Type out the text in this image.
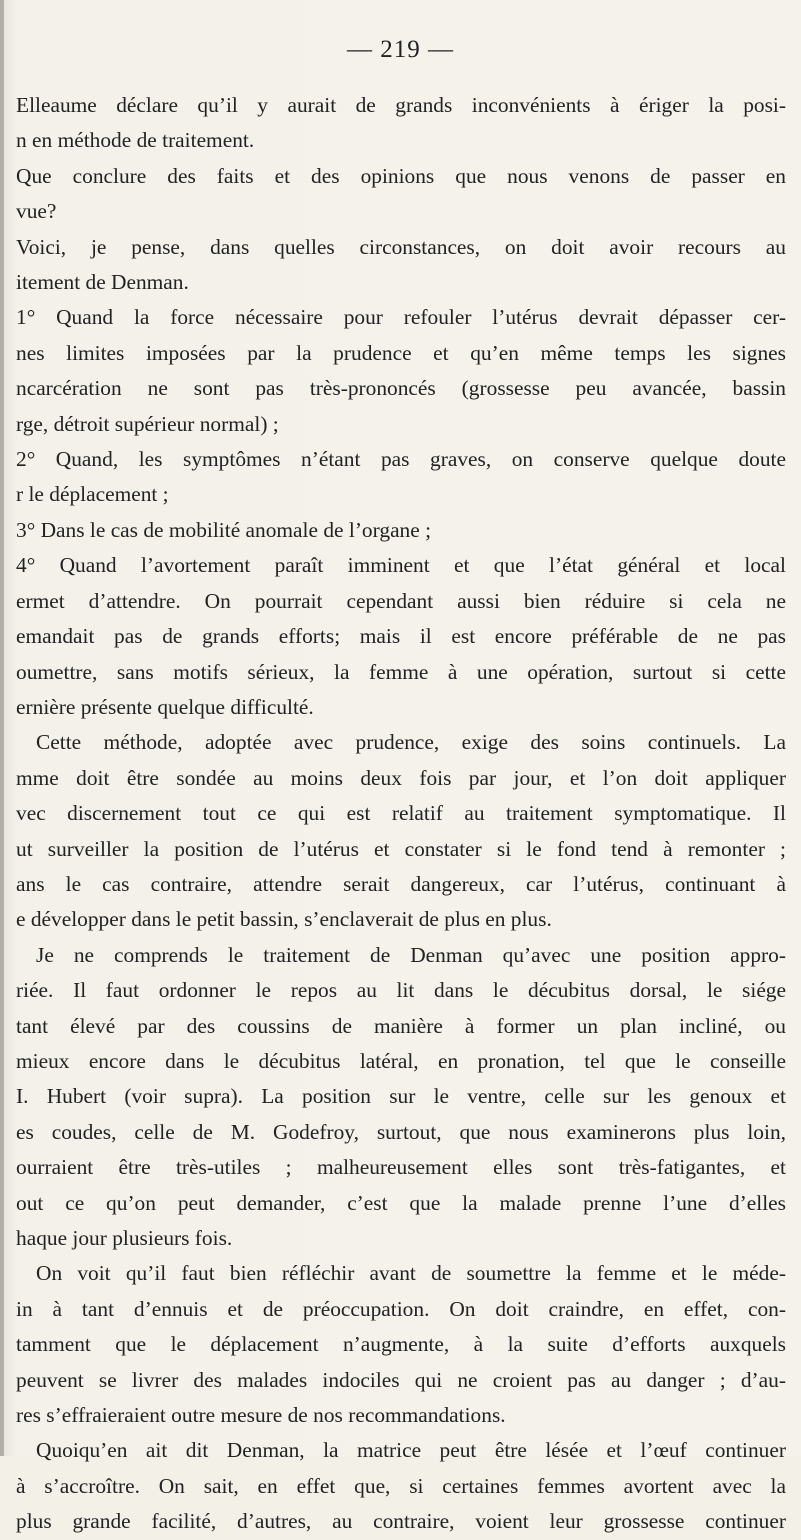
— 219 —
Elleaume déclare qu’il y aurait de grands inconvénients à ériger la posi-
n en méthode de traitement.
Que conclure des faits et des opinions que nous venons de passer en
vue?
Voici, je pense, dans quelles circonstances, on doit avoir recours au
itement de Denman.
1° Quand la force nécessaire pour refouler l’utérus devrait dépasser cer-
nes limites imposées par la prudence et qu’en même temps les signes
ncarcération ne sont pas très-prononcés (grossesse peu avancée, bassin
rge, détroit supérieur normal) ;
2° Quand, les symptômes n’étant pas graves, on conserve quelque doute
r le déplacement ;
3° Dans le cas de mobilité anomale de l’organe ;
4° Quand l’avortement paraît imminent et que l’état général et local
ermet d’attendre. On pourrait cependant aussi bien réduire si cela ne
emandait pas de grands efforts; mais il est encore préférable de ne pas
oumettre, sans motifs sérieux, la femme à une opération, surtout si cette
ernière présente quelque difficulté.
Cette méthode, adoptée avec prudence, exige des soins continuels. La
mme doit être sondée au moins deux fois par jour, et l’on doit appliquer
vec discernement tout ce qui est relatif au traitement symptomatique. Il
ut surveiller la position de l’utérus et constater si le fond tend à remonter ;
ans le cas contraire, attendre serait dangereux, car l’utérus, continuant à
e développer dans le petit bassin, s’enclaverait de plus en plus.
Je ne comprends le traitement de Denman qu’avec une position appro-
riée. Il faut ordonner le repos au lit dans le décubitus dorsal, le siége
tant élevé par des coussins de manière à former un plan incliné, ou
mieux encore dans le décubitus latéral, en pronation, tel que le conseille
I. Hubert (voir supra). La position sur le ventre, celle sur les genoux et
es coudes, celle de M. Godefroy, surtout, que nous examinerons plus loin,
ourraient être très-utiles ; malheureusement elles sont très-fatigantes, et
out ce qu’on peut demander, c’est que la malade prenne l’une d’elles
haque jour plusieurs fois.
On voit qu’il faut bien réfléchir avant de soumettre la femme et le méde-
in à tant d’ennuis et de préoccupation. On doit craindre, en effet, con-
tamment que le déplacement n’augmente, à la suite d’efforts auxquels
peuvent se livrer des malades indociles qui ne croient pas au danger ; d’au-
res s’effraieraient outre mesure de nos recommandations.
Quoiqu’en ait dit Denman, la matrice peut être lésée et l’œuf continuer
à s’accroître. On sait, en effet que, si certaines femmes avortent avec la
plus grande facilité, d’autres, au contraire, voient leur grossesse continuer
